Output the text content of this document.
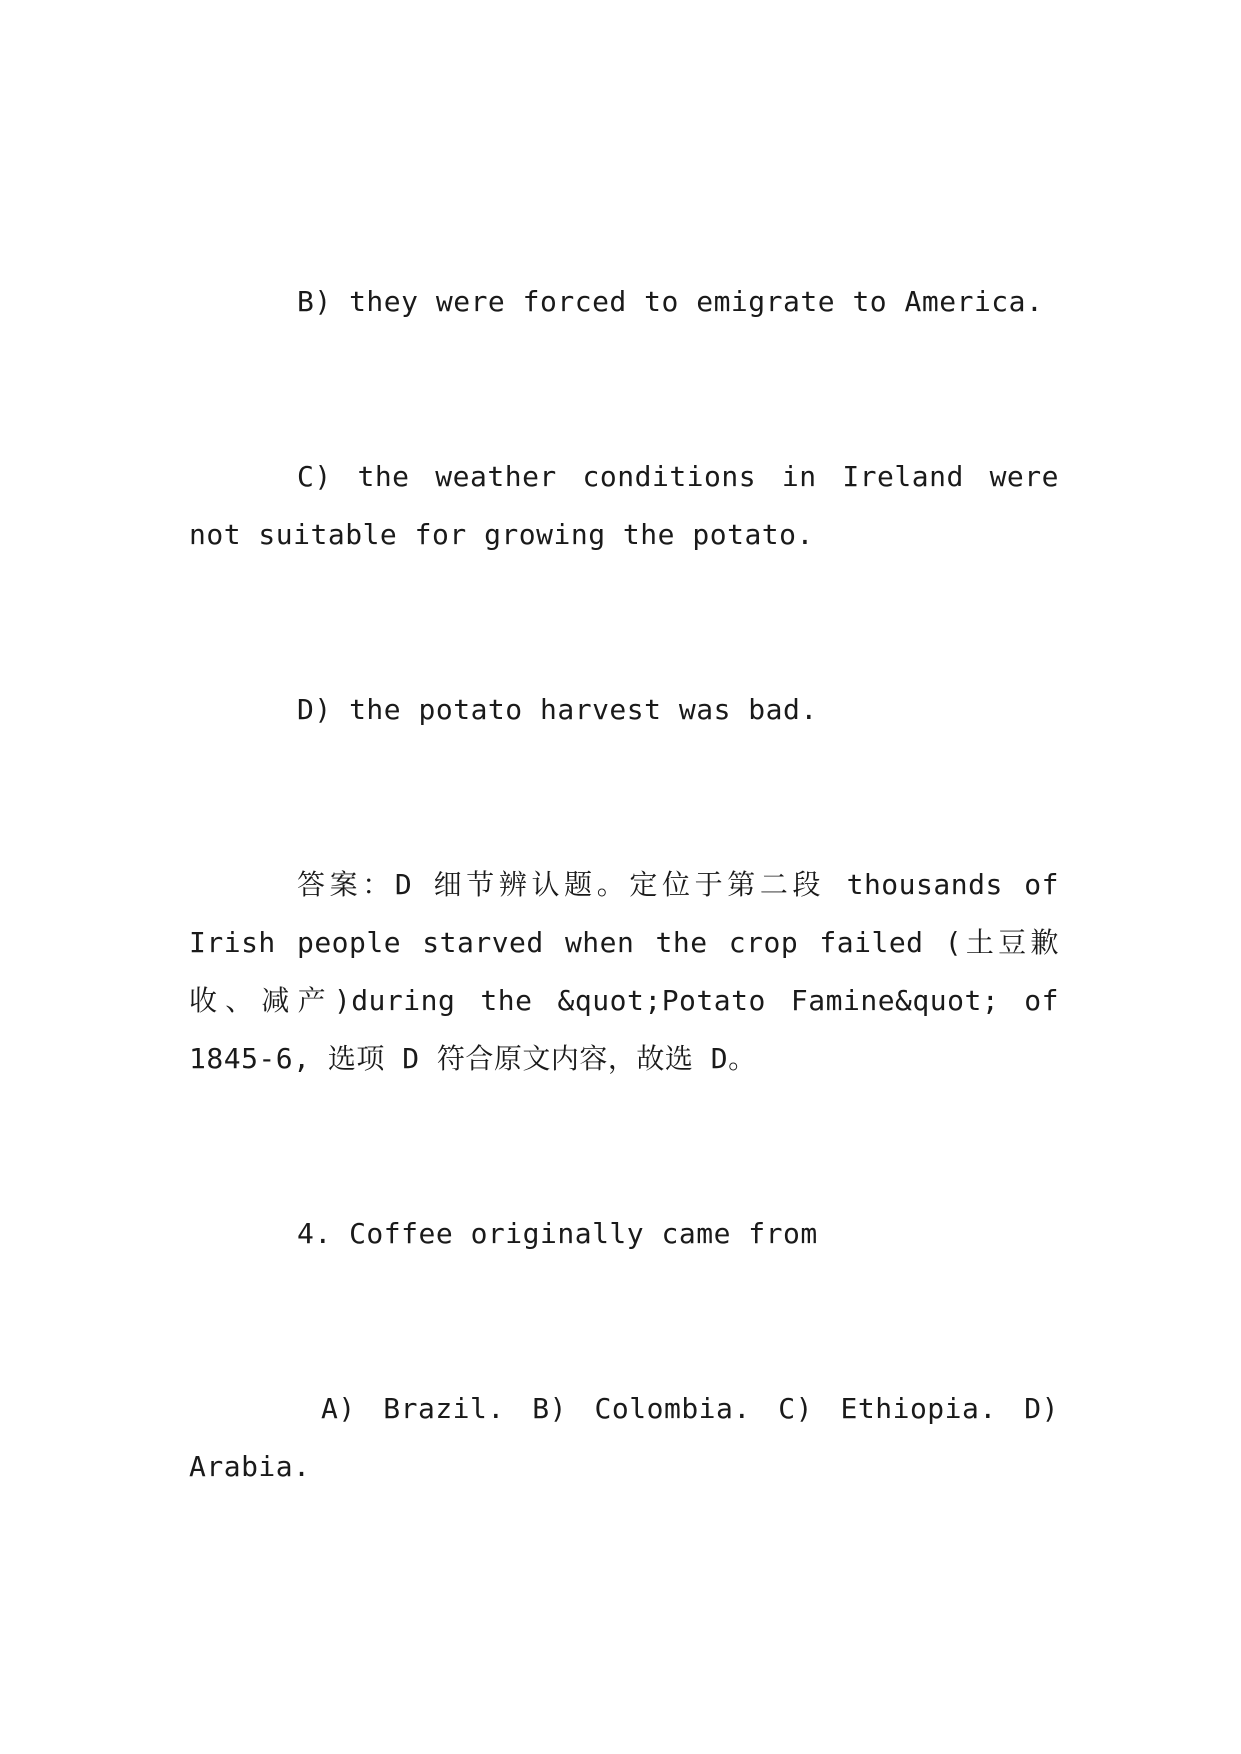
B) they were forced to emigrate to America.

C) the weather conditions in Ireland were not suitable for growing the potato.

D) the potato harvest was bad.

答案：D 细节辨认题。定位于第二段 thousands of Irish people starved when the crop failed (土豆歉收、减产)during the &quot;Potato Famine&quot; of 1845-6, 选项 D 符合原文内容，故选 D。

4. Coffee originally came from

A) Brazil. B) Colombia. C) Ethiopia. D) Arabia.
